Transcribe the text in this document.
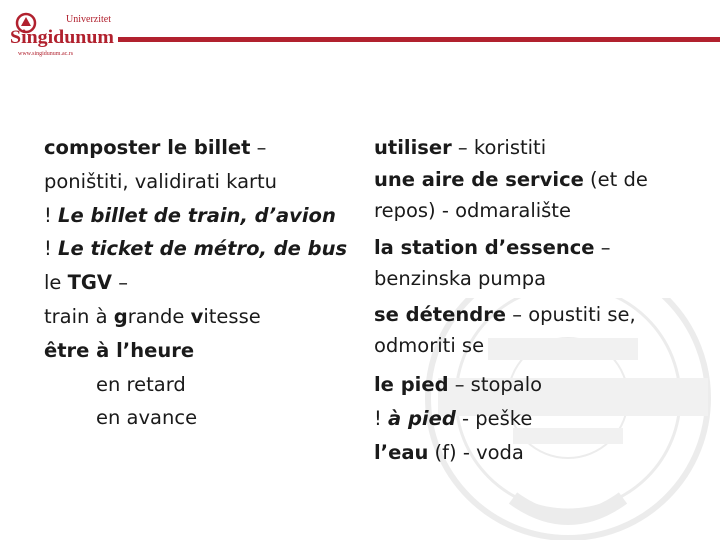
Univerzitet
Singidunum
www.singidunum.ac.rs
composter le billet –
poništiti, validirati kartu
! Le billet de train, d’avion
! Le ticket de métro, de bus
le TGV –
train à grande vitesse
être à l’heure
en retard
en avance
utiliser – koristiti
une aire de service (et de
repos) - odmaralište
la station d’essence –
benzinska pumpa
se détendre – opustiti se,
odmoriti se
le pied – stopalo
! à pied - peške
l’eau (f) - voda
